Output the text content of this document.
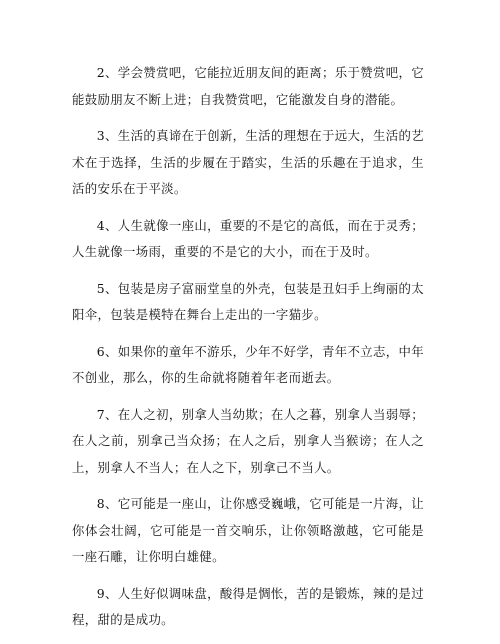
2、学会赞赏吧，它能拉近朋友间的距离；乐于赞赏吧，它能鼓励朋友不断上进；自我赞赏吧，它能激发自身的潜能。

3、生活的真谛在于创新，生活的理想在于远大，生活的艺术在于选择，生活的步履在于踏实，生活的乐趣在于追求，生活的安乐在于平淡。

4、人生就像一座山，重要的不是它的高低，而在于灵秀；人生就像一场雨，重要的不是它的大小，而在于及时。

5、包装是房子富丽堂皇的外壳，包装是丑妇手上绚丽的太阳伞，包装是模特在舞台上走出的一字猫步。

6、如果你的童年不游乐，少年不好学，青年不立志，中年不创业，那么，你的生命就将随着年老而逝去。

7、在人之初，别拿人当幼欺；在人之暮，别拿人当弱辱；在人之前，别拿己当众扬；在人之后，别拿人当猴谤；在人之上，别拿人不当人；在人之下，别拿己不当人。

8、它可能是一座山，让你感受巍峨，它可能是一片海，让你体会壮阔，它可能是一首交响乐，让你领略激越，它可能是一座石雕，让你明白雄健。

9、人生好似调味盘，酸得是惆怅，苦的是锻炼，辣的是过程，甜的是成功。
